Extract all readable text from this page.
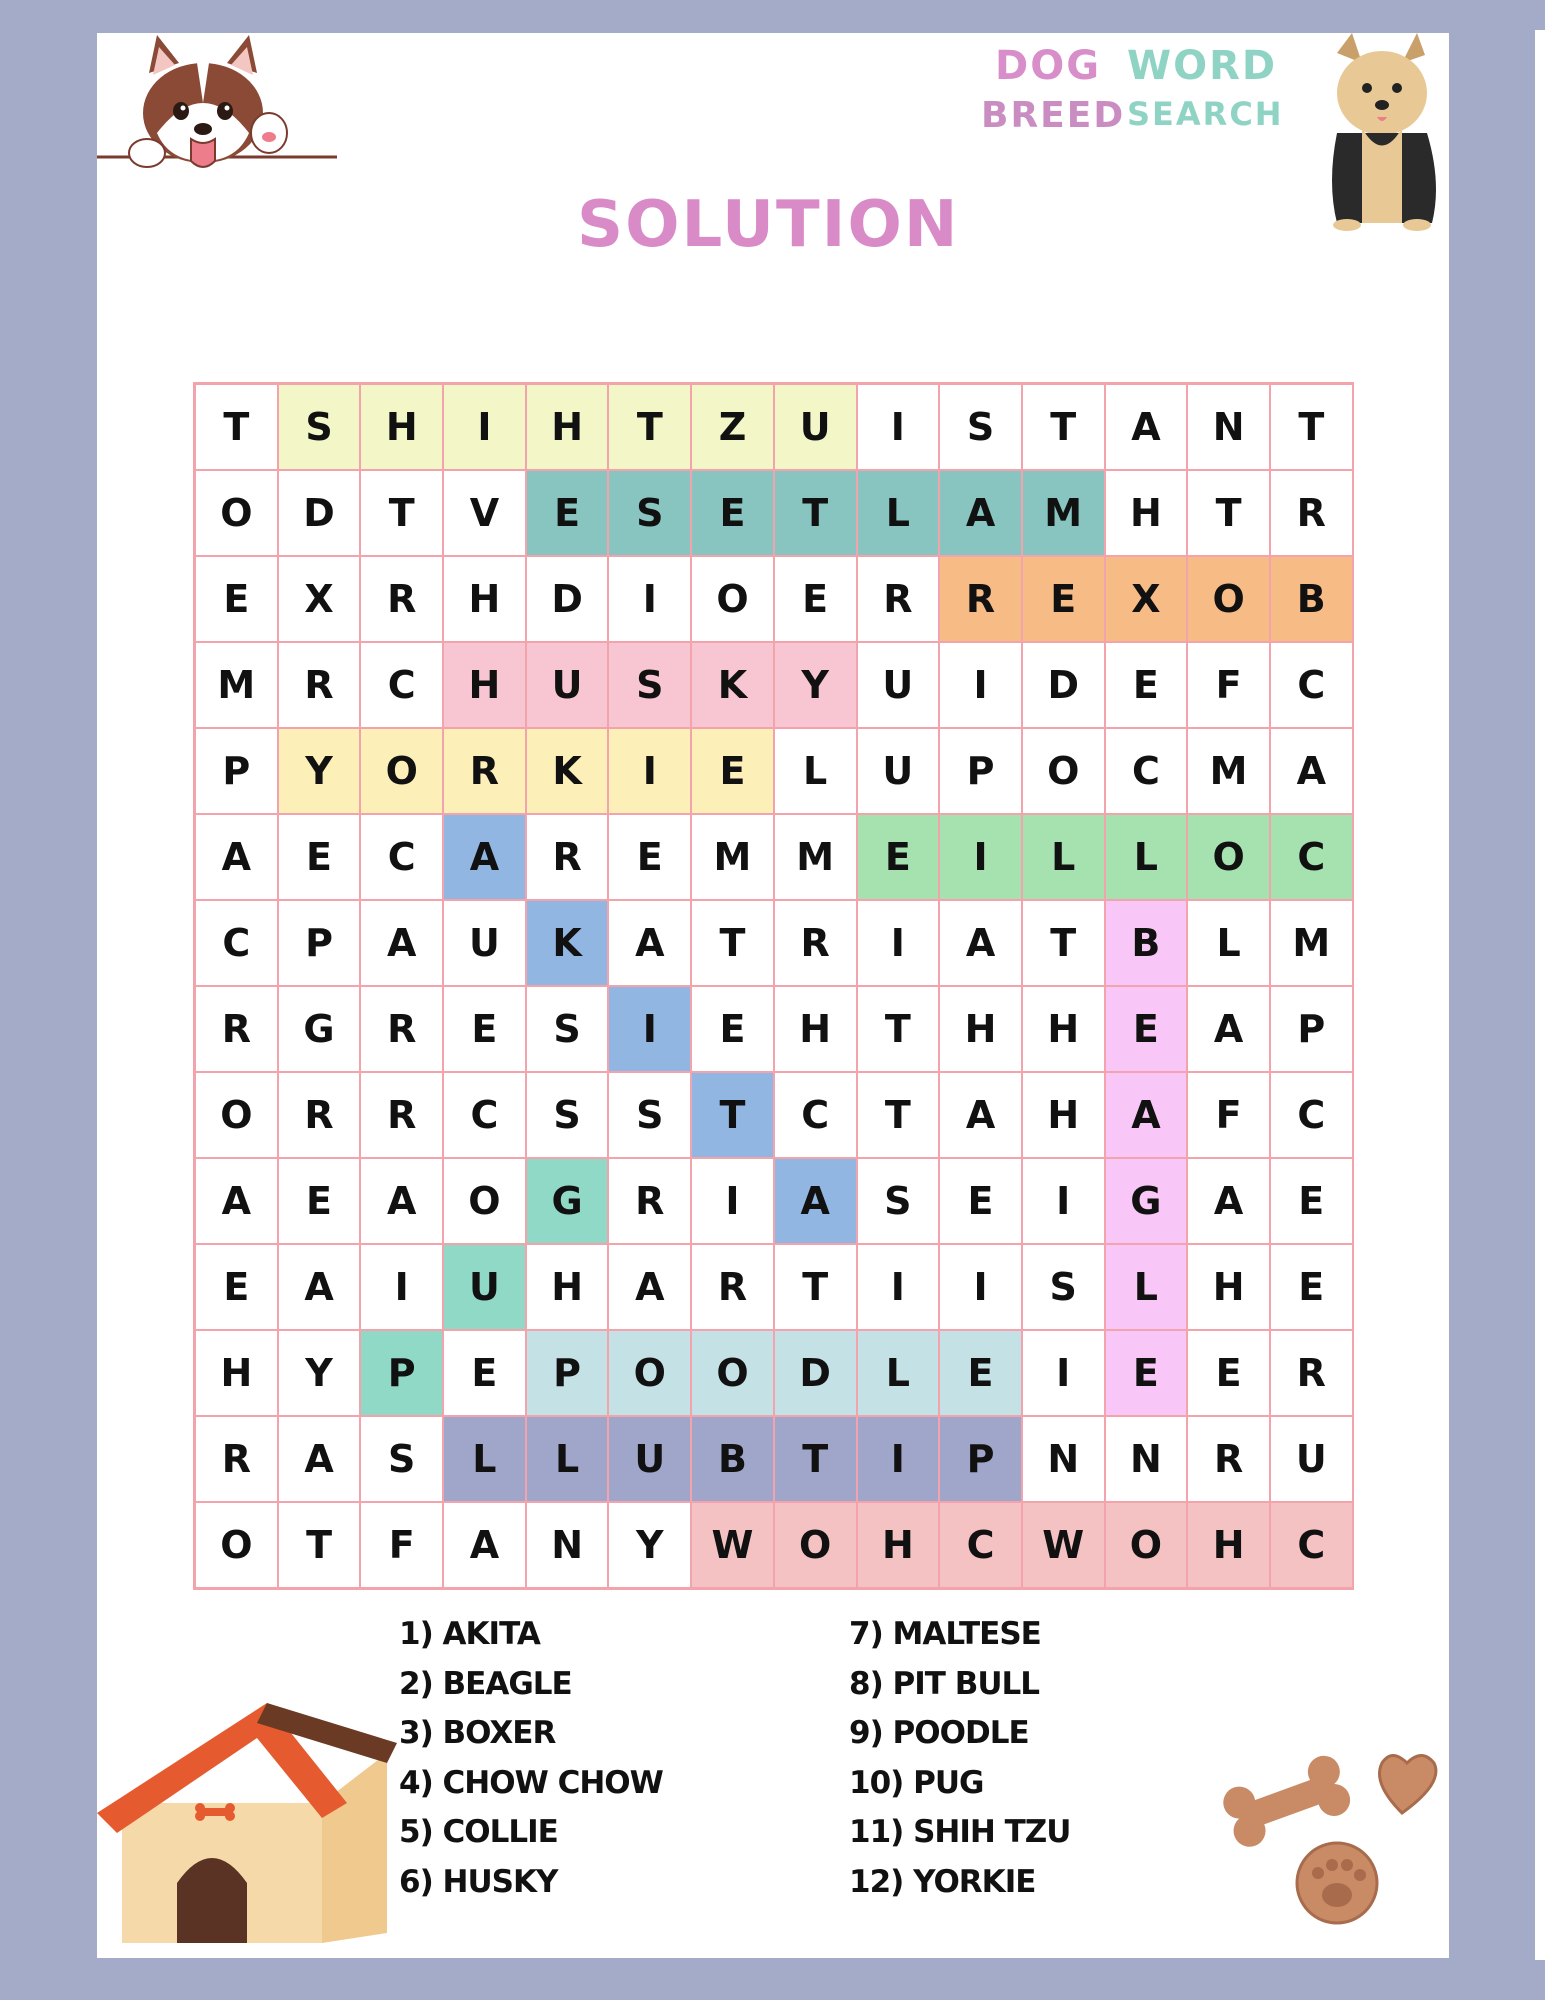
DOG
BREED
WORD
SEARCH
SOLUTION
T	S	H	I	H	T	Z	U	I	S	T	A	N	T
O	D	T	V	E	S	E	T	L	A	M	H	T	R
E	X	R	H	D	I	O	E	R	R	E	X	O	B
M	R	C	H	U	S	K	Y	U	I	D	E	F	C
P	Y	O	R	K	I	E	L	U	P	O	C	M	A
A	E	C	A	R	E	M	M	E	I	L	L	O	C
C	P	A	U	K	A	T	R	I	A	T	B	L	M
R	G	R	E	S	I	E	H	T	H	H	E	A	P
O	R	R	C	S	S	T	C	T	A	H	A	F	C
A	E	A	O	G	R	I	A	S	E	I	G	A	E
E	A	I	U	H	A	R	T	I	I	S	L	H	E
H	Y	P	E	P	O	O	D	L	E	I	E	E	R
R	A	S	L	L	U	B	T	I	P	N	N	R	U
O	T	F	A	N	Y	W	O	H	C	W	O	H	C
1) AKITA
2) BEAGLE
3) BOXER
4) CHOW CHOW
5) COLLIE
6) HUSKY
7) MALTESE
8) PIT BULL
9) POODLE
10) PUG
11) SHIH TZU
12) YORKIE
